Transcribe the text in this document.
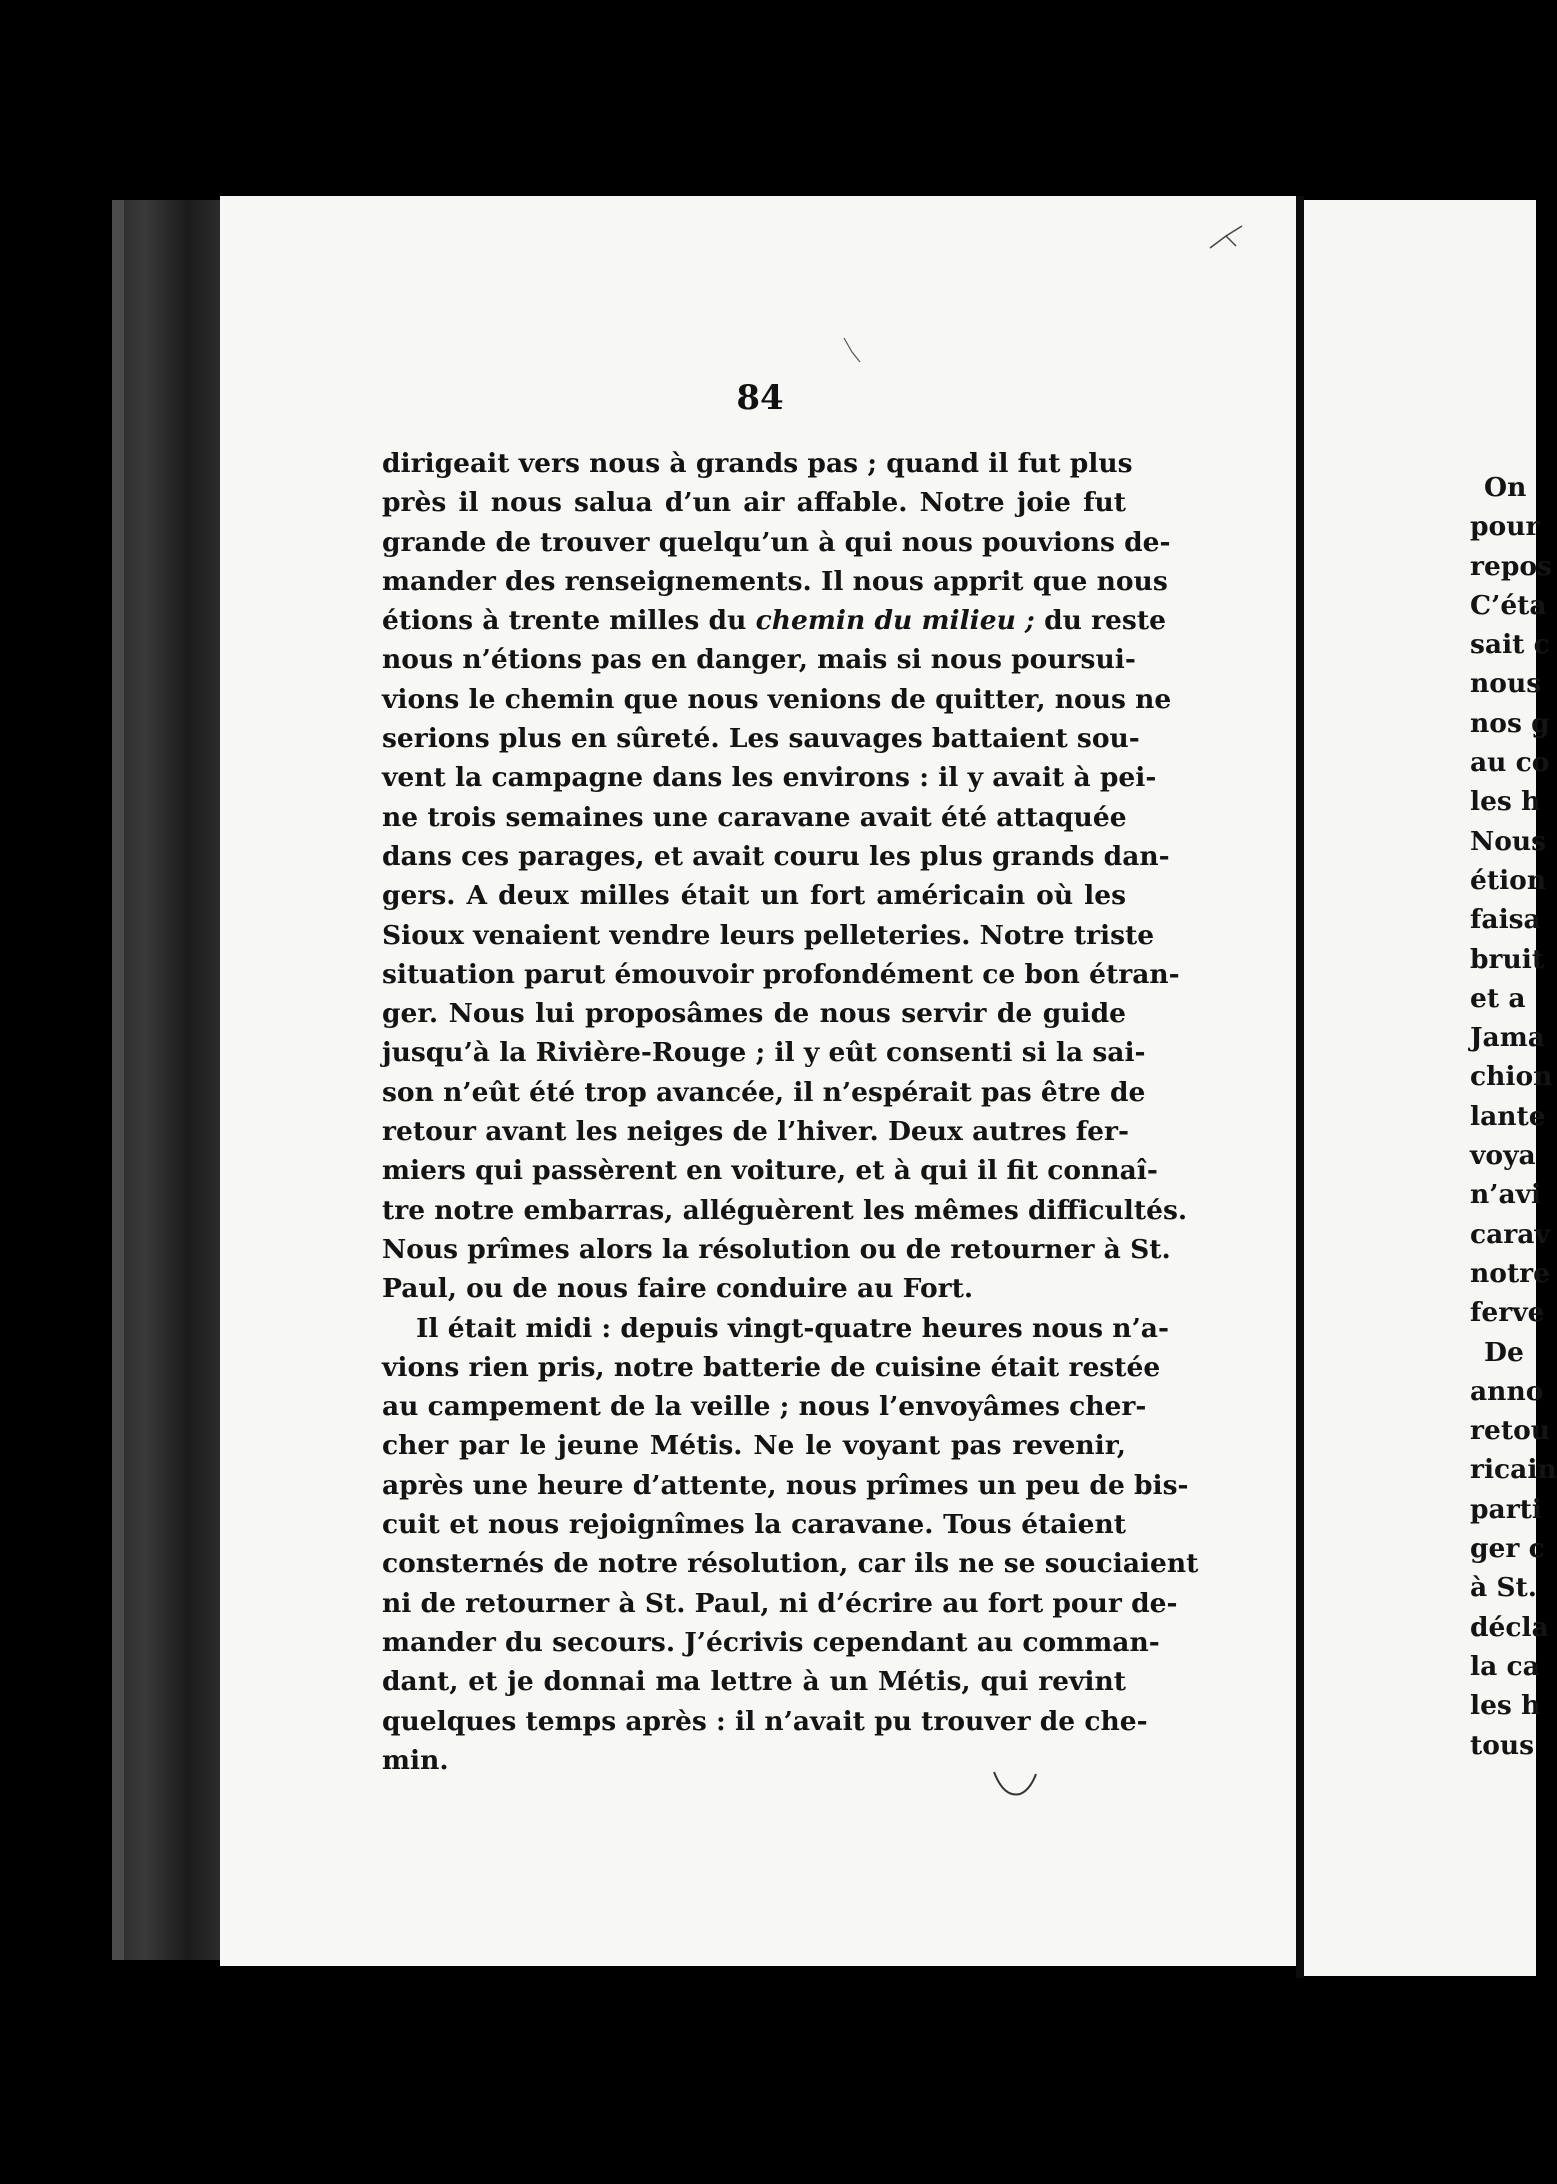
84
dirigeait vers nous à grands pas ; quand il fut plus
près il nous salua d’un air affable. Notre joie fut
grande de trouver quelqu’un à qui nous pouvions de-
mander des renseignements. Il nous apprit que nous
étions à trente milles du chemin du milieu ; du reste
nous n’étions pas en danger, mais si nous poursui-
vions le chemin que nous venions de quitter, nous ne
serions plus en sûreté. Les sauvages battaient sou-
vent la campagne dans les environs : il y avait à pei-
ne trois semaines une caravane avait été attaquée
dans ces parages, et avait couru les plus grands dan-
gers. A deux milles était un fort américain où les
Sioux venaient vendre leurs pelleteries. Notre triste
situation parut émouvoir profondément ce bon étran-
ger. Nous lui proposâmes de nous servir de guide
jusqu’à la Rivière-Rouge ; il y eût consenti si la sai-
son n’eût été trop avancée, il n’espérait pas être de
retour avant les neiges de l’hiver. Deux autres fer-
miers qui passèrent en voiture, et à qui il fit connaî-
tre notre embarras, alléguèrent les mêmes difficultés.
Nous prîmes alors la résolution ou de retourner à St.
Paul, ou de nous faire conduire au Fort.
Il était midi : depuis vingt-quatre heures nous n’a-
vions rien pris, notre batterie de cuisine était restée
au campement de la veille ; nous l’envoyâmes cher-
cher par le jeune Métis. Ne le voyant pas revenir,
après une heure d’attente, nous prîmes un peu de bis-
cuit et nous rejoignîmes la caravane. Tous étaient
consternés de notre résolution, car ils ne se souciaient
ni de retourner à St. Paul, ni d’écrire au fort pour de-
mander du secours. J’écrivis cependant au comman-
dant, et je donnai ma lettre à un Métis, qui revint
quelques temps après : il n’avait pu trouver de che-
min.
On
pour
repos
C’éta
sait c
nous
nos g
au co
les h
Nous
étion
faisa
bruit
et a
Jama
chion
lante
voya
n’avi
carav
notre
ferve
De
anno
retou
ricain
parti
ger c
à St.
décla
la ca
les h
tous
